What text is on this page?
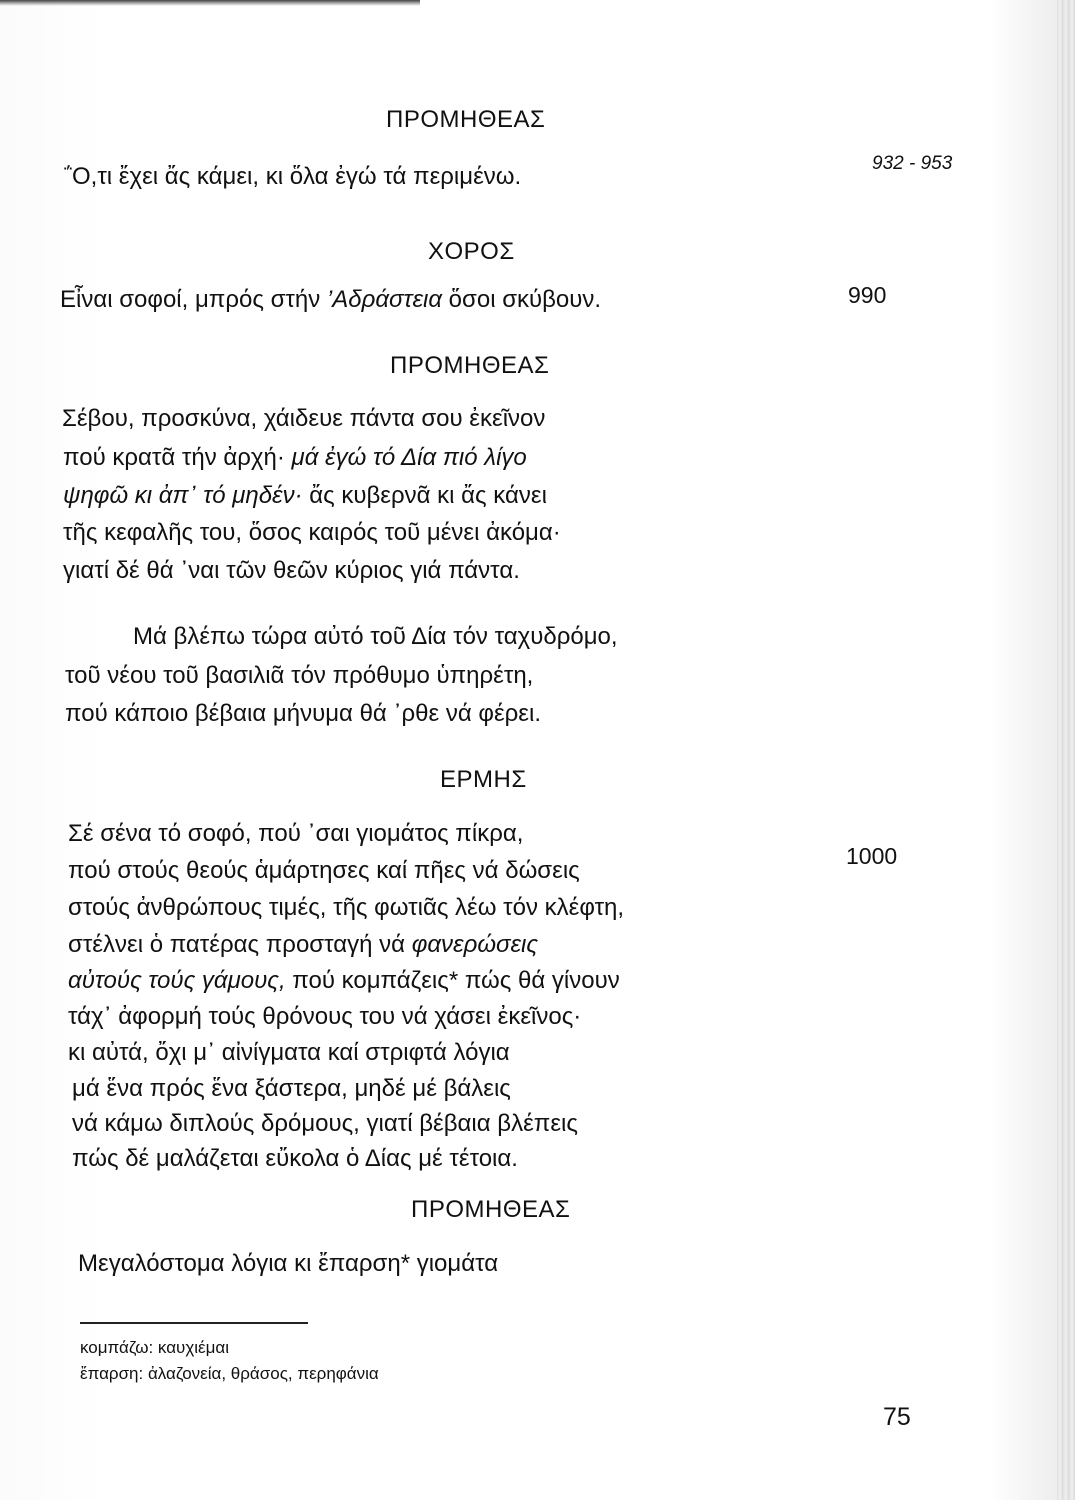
932 - 953
ΠΡΟΜΗΘΕΑΣ
΅Ο,τι ἔχει ἄς κάμει, κι ὅλα ἐγώ τά περιμένω.
ΧΟΡΟΣ
Εἶναι σοφοί, μπρός στήν ’Αδράστεια ὅσοι σκύβουν.	990
ΠΡΟΜΗΘΕΑΣ
Σέβου, προσκύνα, χάιδευε πάντα σου ἐκεῖνον
πού κρατᾶ τήν ἀρχή· μά ἐγώ τό Δία πιό λίγο
ψηφῶ κι ἀπ᾽ τό μηδέν· ἄς κυβερνᾶ κι ἄς κάνει
τῆς κεφαλῆς του, ὅσος καιρός τοῦ μένει ἀκόμα·
γιατί δέ θά ᾽ναι τῶν θεῶν κύριος γιά πάντα.
Μά βλέπω τώρα αὐτό τοῦ Δία τόν ταχυδρόμο,
τοῦ νέου τοῦ βασιλιᾶ τόν πρόθυμο ὑπηρέτη,
πού κάποιο βέβαια μήνυμα θά ᾽ρθε νά φέρει.
ΕΡΜΗΣ
Σέ σένα τό σοφό, πού ᾽σαι γιομάτος πίκρα,
πού στούς θεούς ἁμάρτησες καί πῆες νά δώσεις
1000
στούς ἀνθρώπους τιμές, τῆς φωτιᾶς λέω τόν κλέφτη,
στέλνει ὁ πατέρας προσταγή νά φανερώσεις
αὐτούς τούς γάμους, πού κομπάζεις* πώς θά γίνουν
τάχ᾽ ἀφορμή τούς θρόνους του νά χάσει ἐκεῖνος·
κι αὐτά, ὄχι μ᾽ αἰνίγματα καί στριφτά λόγια
μά ἕνα πρός ἕνα ξάστερα, μηδέ μέ βάλεις
νά κάμω διπλούς δρόμους, γιατί βέβαια βλέπεις
πώς δέ μαλάζεται εὔκολα ὁ Δίας μέ τέτοια.
ΠΡΟΜΗΘΕΑΣ
Μεγαλόστομα λόγια κι ἔπαρση* γιομάτα
κομπάζω: καυχιέμαι
ἔπαρση: ἀλαζονεία, θράσος, περηφάνια
75
